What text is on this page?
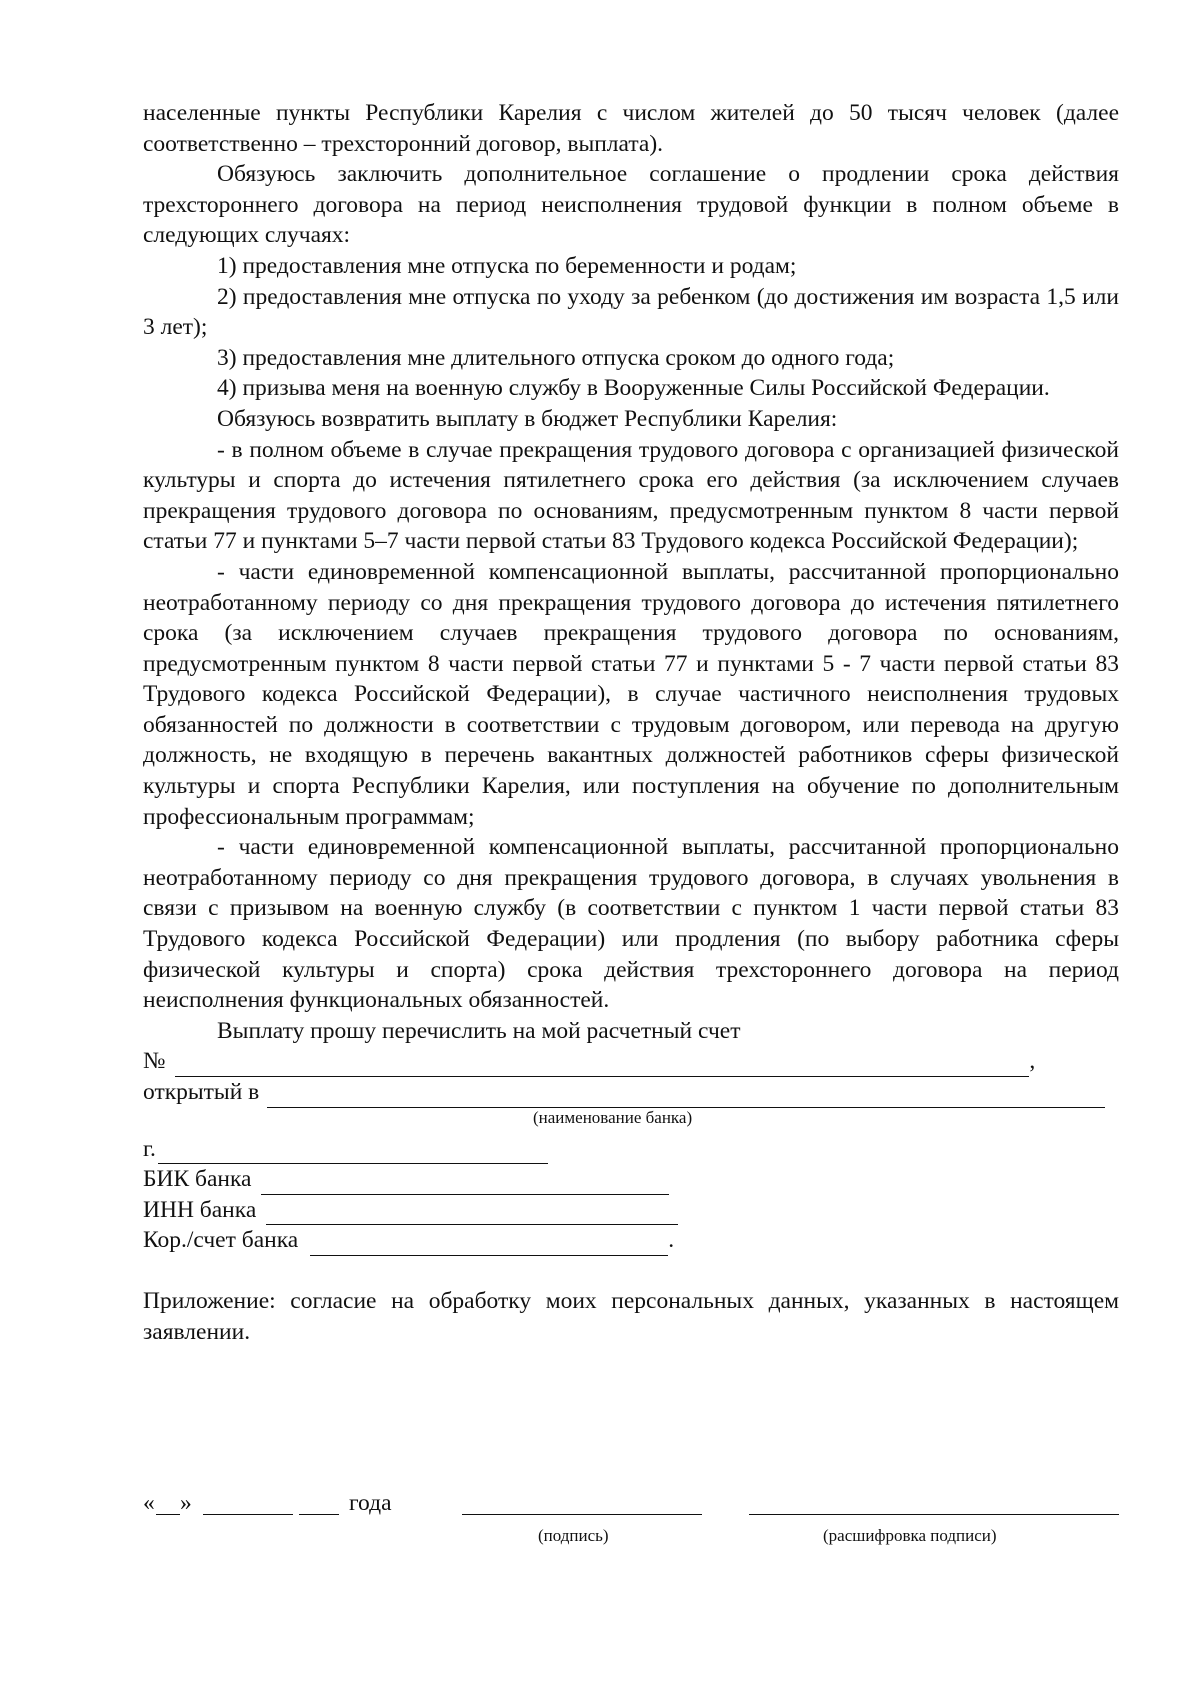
населенные пункты Республики Карелия с числом жителей до 50 тысяч человек (далее соответственно – трехсторонний договор, выплата).

Обязуюсь заключить дополнительное соглашение о продлении срока действия трехстороннего договора на период неисполнения трудовой функции в полном объеме в следующих случаях:

1) предоставления мне отпуска по беременности и родам;

2) предоставления мне отпуска по уходу за ребенком (до достижения им возраста 1,5 или 3 лет);

3) предоставления мне длительного отпуска сроком до одного года;

4) призыва меня на военную службу в Вооруженные Силы Российской Федерации.

Обязуюсь возвратить выплату в бюджет Республики Карелия:

- в полном объеме в случае прекращения трудового договора с организацией физической культуры и спорта до истечения пятилетнего срока его действия (за исключением случаев прекращения трудового договора по основаниям, предусмотренным пунктом 8 части первой статьи 77 и пунктами 5–7 части первой статьи 83 Трудового кодекса Российской Федерации);

- части единовременной компенсационной выплаты, рассчитанной пропорционально неотработанному периоду со дня прекращения трудового договора до истечения пятилетнего срока (за исключением случаев прекращения трудового договора по основаниям, предусмотренным пунктом 8 части первой статьи 77 и пунктами 5 - 7 части первой статьи 83 Трудового кодекса Российской Федерации), в случае частичного неисполнения трудовых обязанностей по должности в соответствии с трудовым договором, или перевода на другую должность, не входящую в перечень вакантных должностей работников сферы физической культуры и спорта Республики Карелия, или поступления на обучение по дополнительным профессиональным программам;

- части единовременной компенсационной выплаты, рассчитанной пропорционально неотработанному периоду со дня прекращения трудового договора, в случаях увольнения в связи с призывом на военную службу (в соответствии с пунктом 1 части первой статьи 83 Трудового кодекса Российской Федерации) или продления (по выбору работника сферы физической культуры и спорта) срока действия трехстороннего договора на период неисполнения функциональных обязанностей.

Выплату прошу перечислить на мой расчетный счет

№	,
открытый в
(наименование банка)
г.
БИК банка
ИНН банка
Кор./счет банка	.

Приложение: согласие на обработку моих персональных данных, указанных в настоящем заявлении.

« »	года
(подпись)	(расшифровка подписи)
